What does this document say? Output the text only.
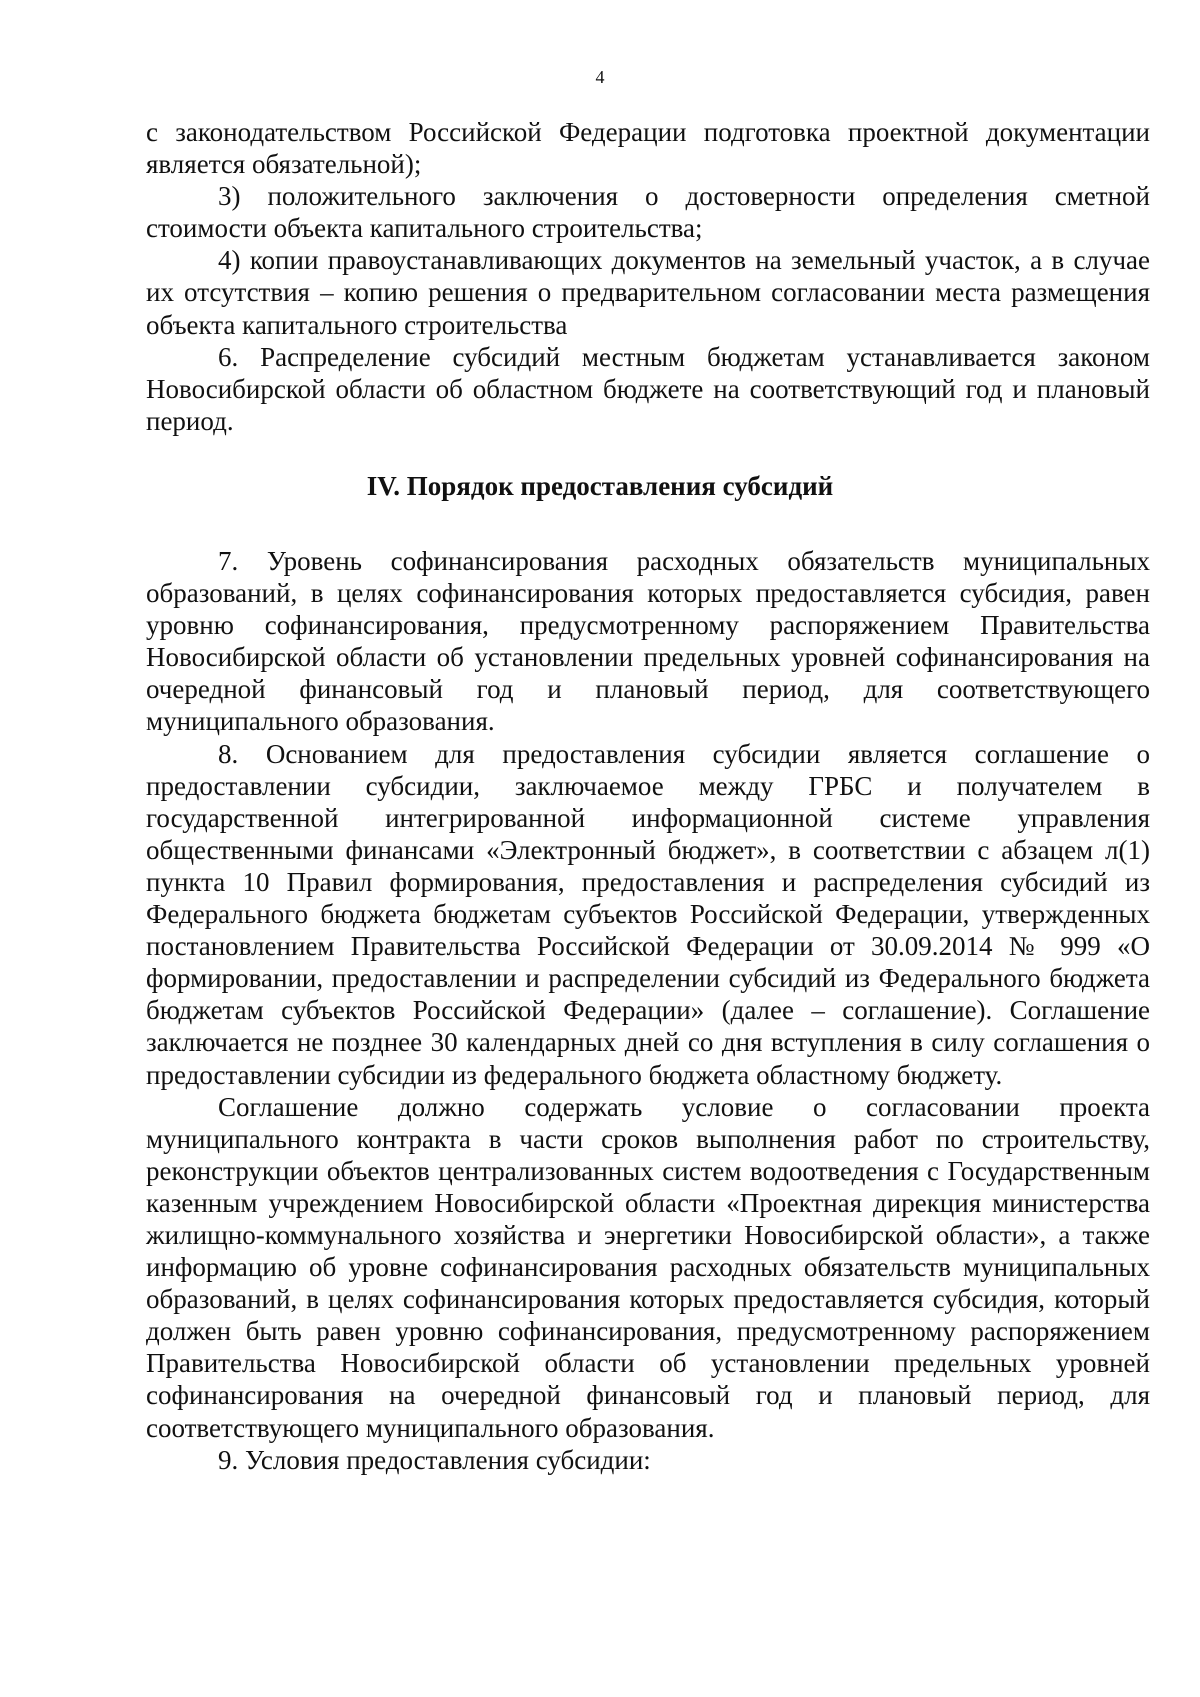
4

с законодательством Российской Федерации подготовка проектной документации является обязательной);

3) положительного заключения о достоверности определения сметной стоимости объекта капитального строительства;

4) копии правоустанавливающих документов на земельный участок, а в случае их отсутствия – копию решения о предварительном согласовании места размещения объекта капитального строительства

6. Распределение субсидий местным бюджетам устанавливается законом Новосибирской области об областном бюджете на соответствующий год и плановый период.

IV. Порядок предоставления субсидий

7. Уровень софинансирования расходных обязательств муниципальных образований, в целях софинансирования которых предоставляется субсидия, равен уровню софинансирования, предусмотренному распоряжением Правительства Новосибирской области об установлении предельных уровней софинансирования на очередной финансовый год и плановый период, для соответствующего муниципального образования.

8. Основанием для предоставления субсидии является соглашение о предоставлении субсидии, заключаемое между ГРБС и получателем в государственной интегрированной информационной системе управления общественными финансами «Электронный бюджет», в соответствии с абзацем л(1) пункта 10 Правил формирования, предоставления и распределения субсидий из Федерального бюджета бюджетам субъектов Российской Федерации, утвержденных постановлением Правительства Российской Федерации от 30.09.2014 № 999 «О формировании, предоставлении и распределении субсидий из Федерального бюджета бюджетам субъектов Российской Федерации» (далее – соглашение). Соглашение заключается не позднее 30 календарных дней со дня вступления в силу соглашения о предоставлении субсидии из федерального бюджета областному бюджету.

Соглашение должно содержать условие о согласовании проекта муниципального контракта в части сроков выполнения работ по строительству, реконструкции объектов централизованных систем водоотведения с Государственным казенным учреждением Новосибирской области «Проектная дирекция министерства жилищно-коммунального хозяйства и энергетики Новосибирской области», а также информацию об уровне софинансирования расходных обязательств муниципальных образований, в целях софинансирования которых предоставляется субсидия, который должен быть равен уровню софинансирования, предусмотренному распоряжением Правительства Новосибирской области об установлении предельных уровней софинансирования на очередной финансовый год и плановый период, для соответствующего муниципального образования.

9. Условия предоставления субсидии:
